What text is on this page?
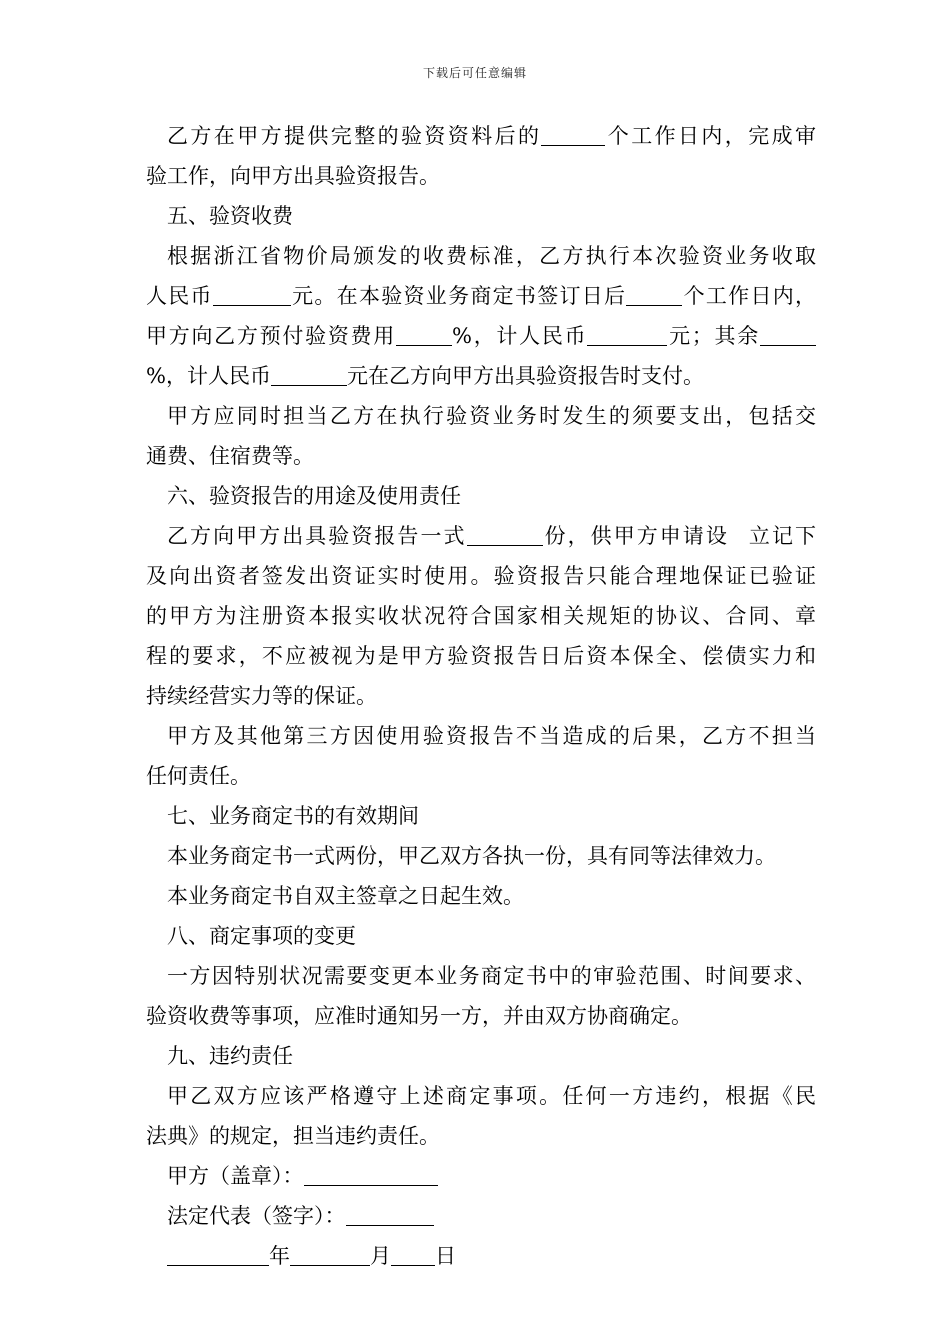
下载后可任意编辑
乙方在甲方提供完整的验资资料后的	个工作日内，完成审
验工作，向甲方出具验资报告。
五、验资收费
根据浙江省物价局颁发的收费标准，乙方执行本次验资业务收取
人民币	元。在本验资业务商定书签订日后	个工作日内，
甲方向乙方预付验资费用	%，计人民币	元；其余
%，计人民币	元在乙方向甲方出具验资报告时支付。
甲方应同时担当乙方在执行验资业务时发生的须要支出，包括交
通费、住宿费等。
六、验资报告的用途及使用责任
乙方向甲方出具验资报告一式	份，供甲方申请设 立记下
及向出资者签发出资证实时使用。验资报告只能合理地保证已验证
的甲方为注册资本报实收状况符合国家相关规矩的协议、合同、章
程的要求，不应被视为是甲方验资报告日后资本保全、偿债实力和
持续经营实力等的保证。
甲方及其他第三方因使用验资报告不当造成的后果，乙方不担当
任何责任。
七、业务商定书的有效期间
本业务商定书一式两份，甲乙双方各执一份，具有同等法律效力。
本业务商定书自双主签章之日起生效。
八、商定事项的变更
一方因特别状况需要变更本业务商定书中的审验范围、时间要求、
验资收费等事项，应准时通知另一方，并由双方协商确定。
九、违约责任
甲乙双方应该严格遵守上述商定事项。任何一方违约，根据《民
法典》的规定，担当违约责任。
甲方（盖章）：
法定代表（签字）：
年	月 日
